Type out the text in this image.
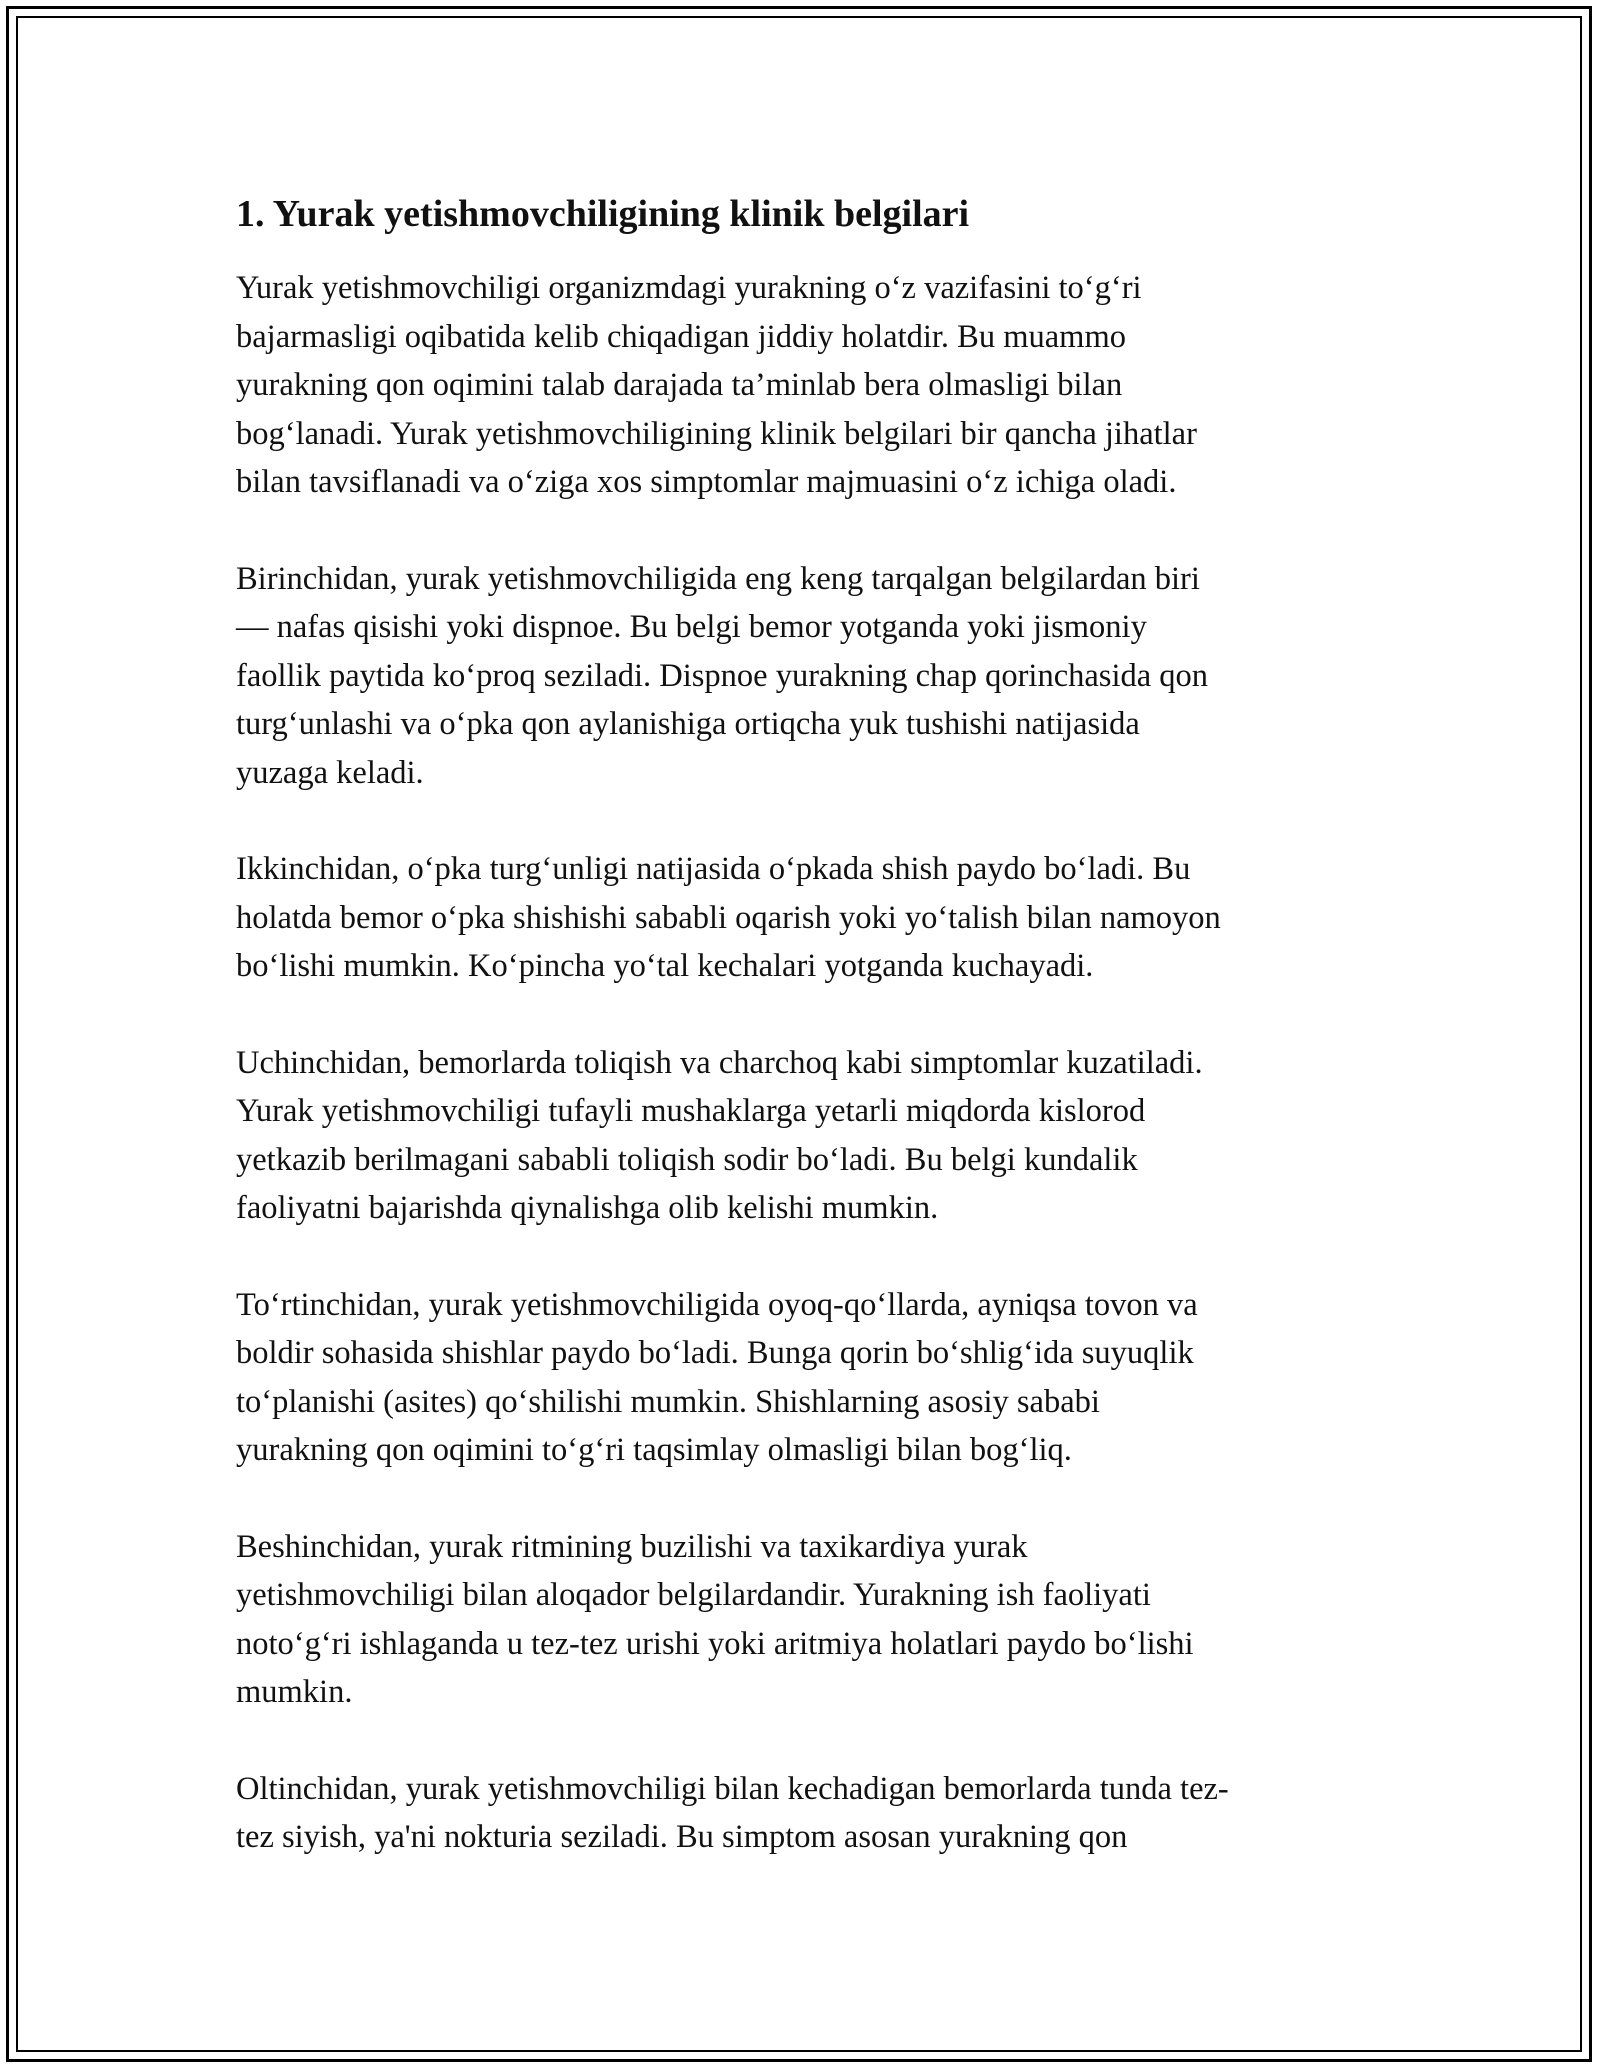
1. Yurak yetishmovchiligining klinik belgilari

Yurak yetishmovchiligi organizmdagi yurakning o‘z vazifasini to‘g‘ri
bajarmasligi oqibatida kelib chiqadigan jiddiy holatdir. Bu muammo
yurakning qon oqimini talab darajada ta’minlab bera olmasligi bilan
bog‘lanadi. Yurak yetishmovchiligining klinik belgilari bir qancha jihatlar
bilan tavsiflanadi va o‘ziga xos simptomlar majmuasini o‘z ichiga oladi.

Birinchidan, yurak yetishmovchiligida eng keng tarqalgan belgilardan biri
— nafas qisishi yoki dispnoe. Bu belgi bemor yotganda yoki jismoniy
faollik paytida ko‘proq seziladi. Dispnoe yurakning chap qorinchasida qon
turg‘unlashi va o‘pka qon aylanishiga ortiqcha yuk tushishi natijasida
yuzaga keladi.

Ikkinchidan, o‘pka turg‘unligi natijasida o‘pkada shish paydo bo‘ladi. Bu
holatda bemor o‘pka shishishi sababli oqarish yoki yo‘talish bilan namoyon
bo‘lishi mumkin. Ko‘pincha yo‘tal kechalari yotganda kuchayadi.

Uchinchidan, bemorlarda toliqish va charchoq kabi simptomlar kuzatiladi.
Yurak yetishmovchiligi tufayli mushaklarga yetarli miqdorda kislorod
yetkazib berilmagani sababli toliqish sodir bo‘ladi. Bu belgi kundalik
faoliyatni bajarishda qiynalishga olib kelishi mumkin.

To‘rtinchidan, yurak yetishmovchiligida oyoq-qo‘llarda, ayniqsa tovon va
boldir sohasida shishlar paydo bo‘ladi. Bunga qorin bo‘shlig‘ida suyuqlik
to‘planishi (asites) qo‘shilishi mumkin. Shishlarning asosiy sababi
yurakning qon oqimini to‘g‘ri taqsimlay olmasligi bilan bog‘liq.

Beshinchidan, yurak ritmining buzilishi va taxikardiya yurak
yetishmovchiligi bilan aloqador belgilardandir. Yurakning ish faoliyati
noto‘g‘ri ishlaganda u tez-tez urishi yoki aritmiya holatlari paydo bo‘lishi
mumkin.

Oltinchidan, yurak yetishmovchiligi bilan kechadigan bemorlarda tunda tez-
tez siyish, ya'ni nokturia seziladi. Bu simptom asosan yurakning qon
